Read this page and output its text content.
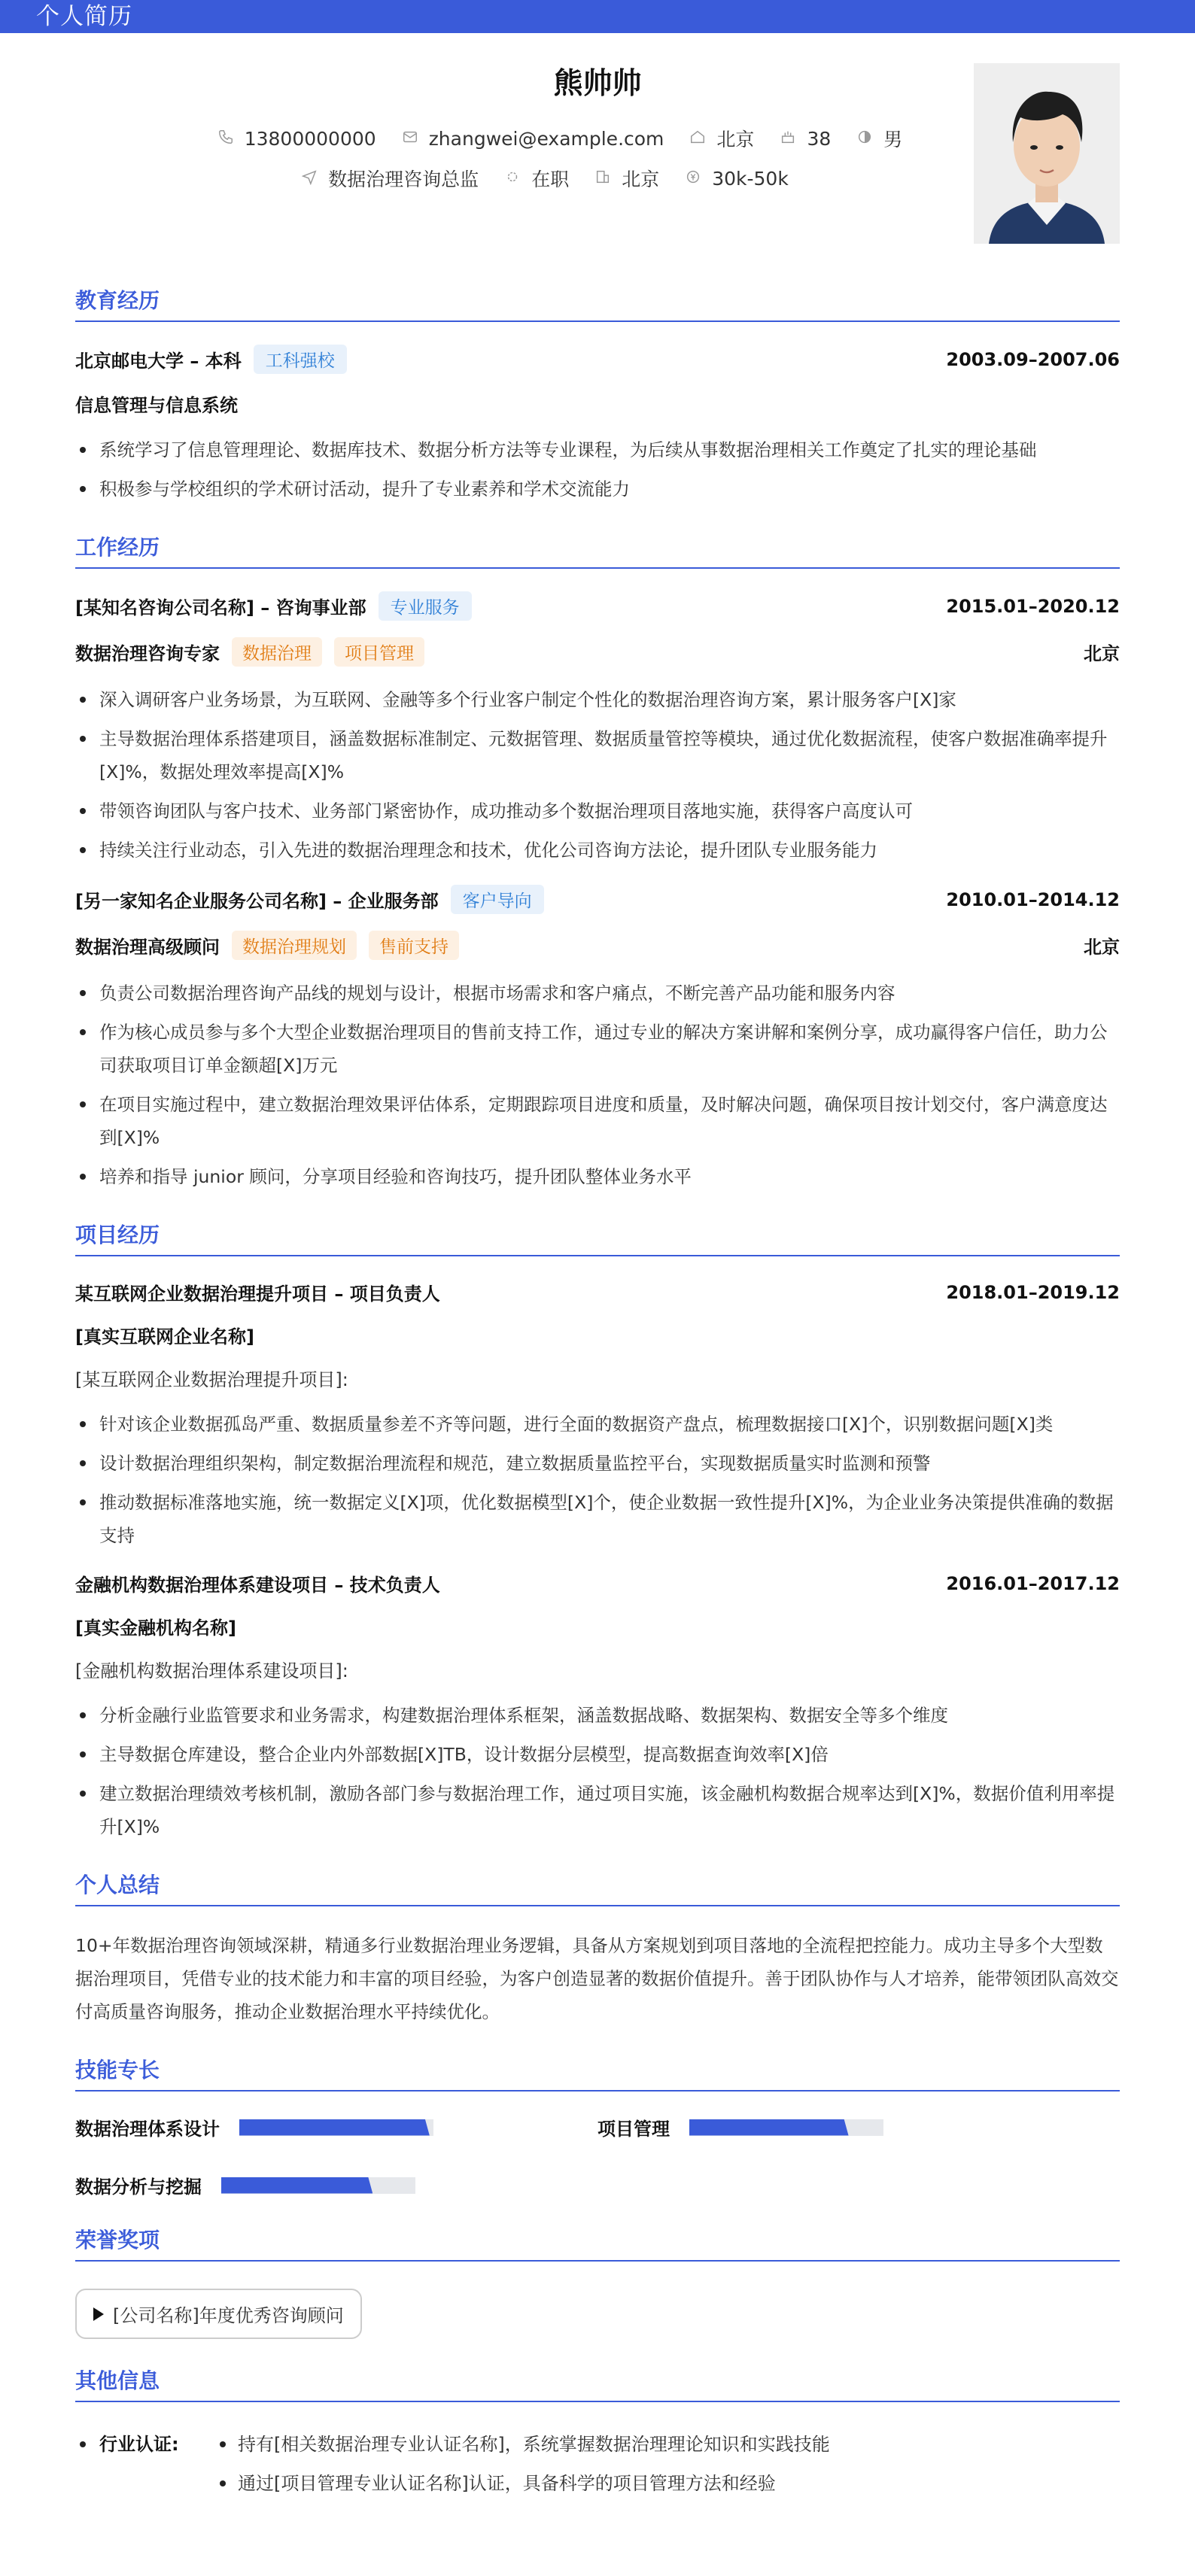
个人简历
熊帅帅
13800000000	zhangwei@example.com	北京	38	男
数据治理咨询总监	在职	北京	30k-50k
教育经历
北京邮电大学 – 本科	工科强校	2003.09–2007.06
信息管理与信息系统
系统学习了信息管理理论、数据库技术、数据分析方法等专业课程，为后续从事数据治理相关工作奠定了扎实的理论基础
积极参与学校组织的学术研讨活动，提升了专业素养和学术交流能力
工作经历
[某知名咨询公司名称] – 咨询事业部	专业服务	2015.01–2020.12
数据治理咨询专家	数据治理	项目管理	北京
深入调研客户业务场景，为互联网、金融等多个行业客户制定个性化的数据治理咨询方案，累计服务客户[X]家
主导数据治理体系搭建项目，涵盖数据标准制定、元数据管理、数据质量管控等模块，通过优化数据流程，使客户数据准确率提升[X]%，数据处理效率提高[X]%
带领咨询团队与客户技术、业务部门紧密协作，成功推动多个数据治理项目落地实施，获得客户高度认可
持续关注行业动态，引入先进的数据治理理念和技术，优化公司咨询方法论，提升团队专业服务能力
[另一家知名企业服务公司名称] – 企业服务部	客户导向	2010.01–2014.12
数据治理高级顾问	数据治理规划	售前支持	北京
负责公司数据治理咨询产品线的规划与设计，根据市场需求和客户痛点，不断完善产品功能和服务内容
作为核心成员参与多个大型企业数据治理项目的售前支持工作，通过专业的解决方案讲解和案例分享，成功赢得客户信任，助力公司获取项目订单金额超[X]万元
在项目实施过程中，建立数据治理效果评估体系，定期跟踪项目进度和质量，及时解决问题，确保项目按计划交付，客户满意度达到[X]%
培养和指导 junior 顾问，分享项目经验和咨询技巧，提升团队整体业务水平
项目经历
某互联网企业数据治理提升项目 – 项目负责人	2018.01–2019.12
[真实互联网企业名称]
[某互联网企业数据治理提升项目]:
针对该企业数据孤岛严重、数据质量参差不齐等问题，进行全面的数据资产盘点，梳理数据接口[X]个，识别数据问题[X]类
设计数据治理组织架构，制定数据治理流程和规范，建立数据质量监控平台，实现数据质量实时监测和预警
推动数据标准落地实施，统一数据定义[X]项，优化数据模型[X]个，使企业数据一致性提升[X]%，为企业业务决策提供准确的数据支持
金融机构数据治理体系建设项目 – 技术负责人	2016.01–2017.12
[真实金融机构名称]
[金融机构数据治理体系建设项目]:
分析金融行业监管要求和业务需求，构建数据治理体系框架，涵盖数据战略、数据架构、数据安全等多个维度
主导数据仓库建设，整合企业内外部数据[X]TB，设计数据分层模型，提高数据查询效率[X]倍
建立数据治理绩效考核机制，激励各部门参与数据治理工作，通过项目实施，该金融机构数据合规率达到[X]%，数据价值利用率提升[X]%
个人总结
10+年数据治理咨询领域深耕，精通多行业数据治理业务逻辑，具备从方案规划到项目落地的全流程把控能力。成功主导多个大型数据治理项目，凭借专业的技术能力和丰富的项目经验，为客户创造显著的数据价值提升。善于团队协作与人才培养，能带领团队高效交付高质量咨询服务，推动企业数据治理水平持续优化。
技能专长
数据治理体系设计	项目管理
数据分析与挖掘
荣誉奖项
[公司名称]年度优秀咨询顾问
其他信息
行业认证:	持有[相关数据治理专业认证名称]，系统掌握数据治理理论知识和实践技能
通过[项目管理专业认证名称]认证，具备科学的项目管理方法和经验
